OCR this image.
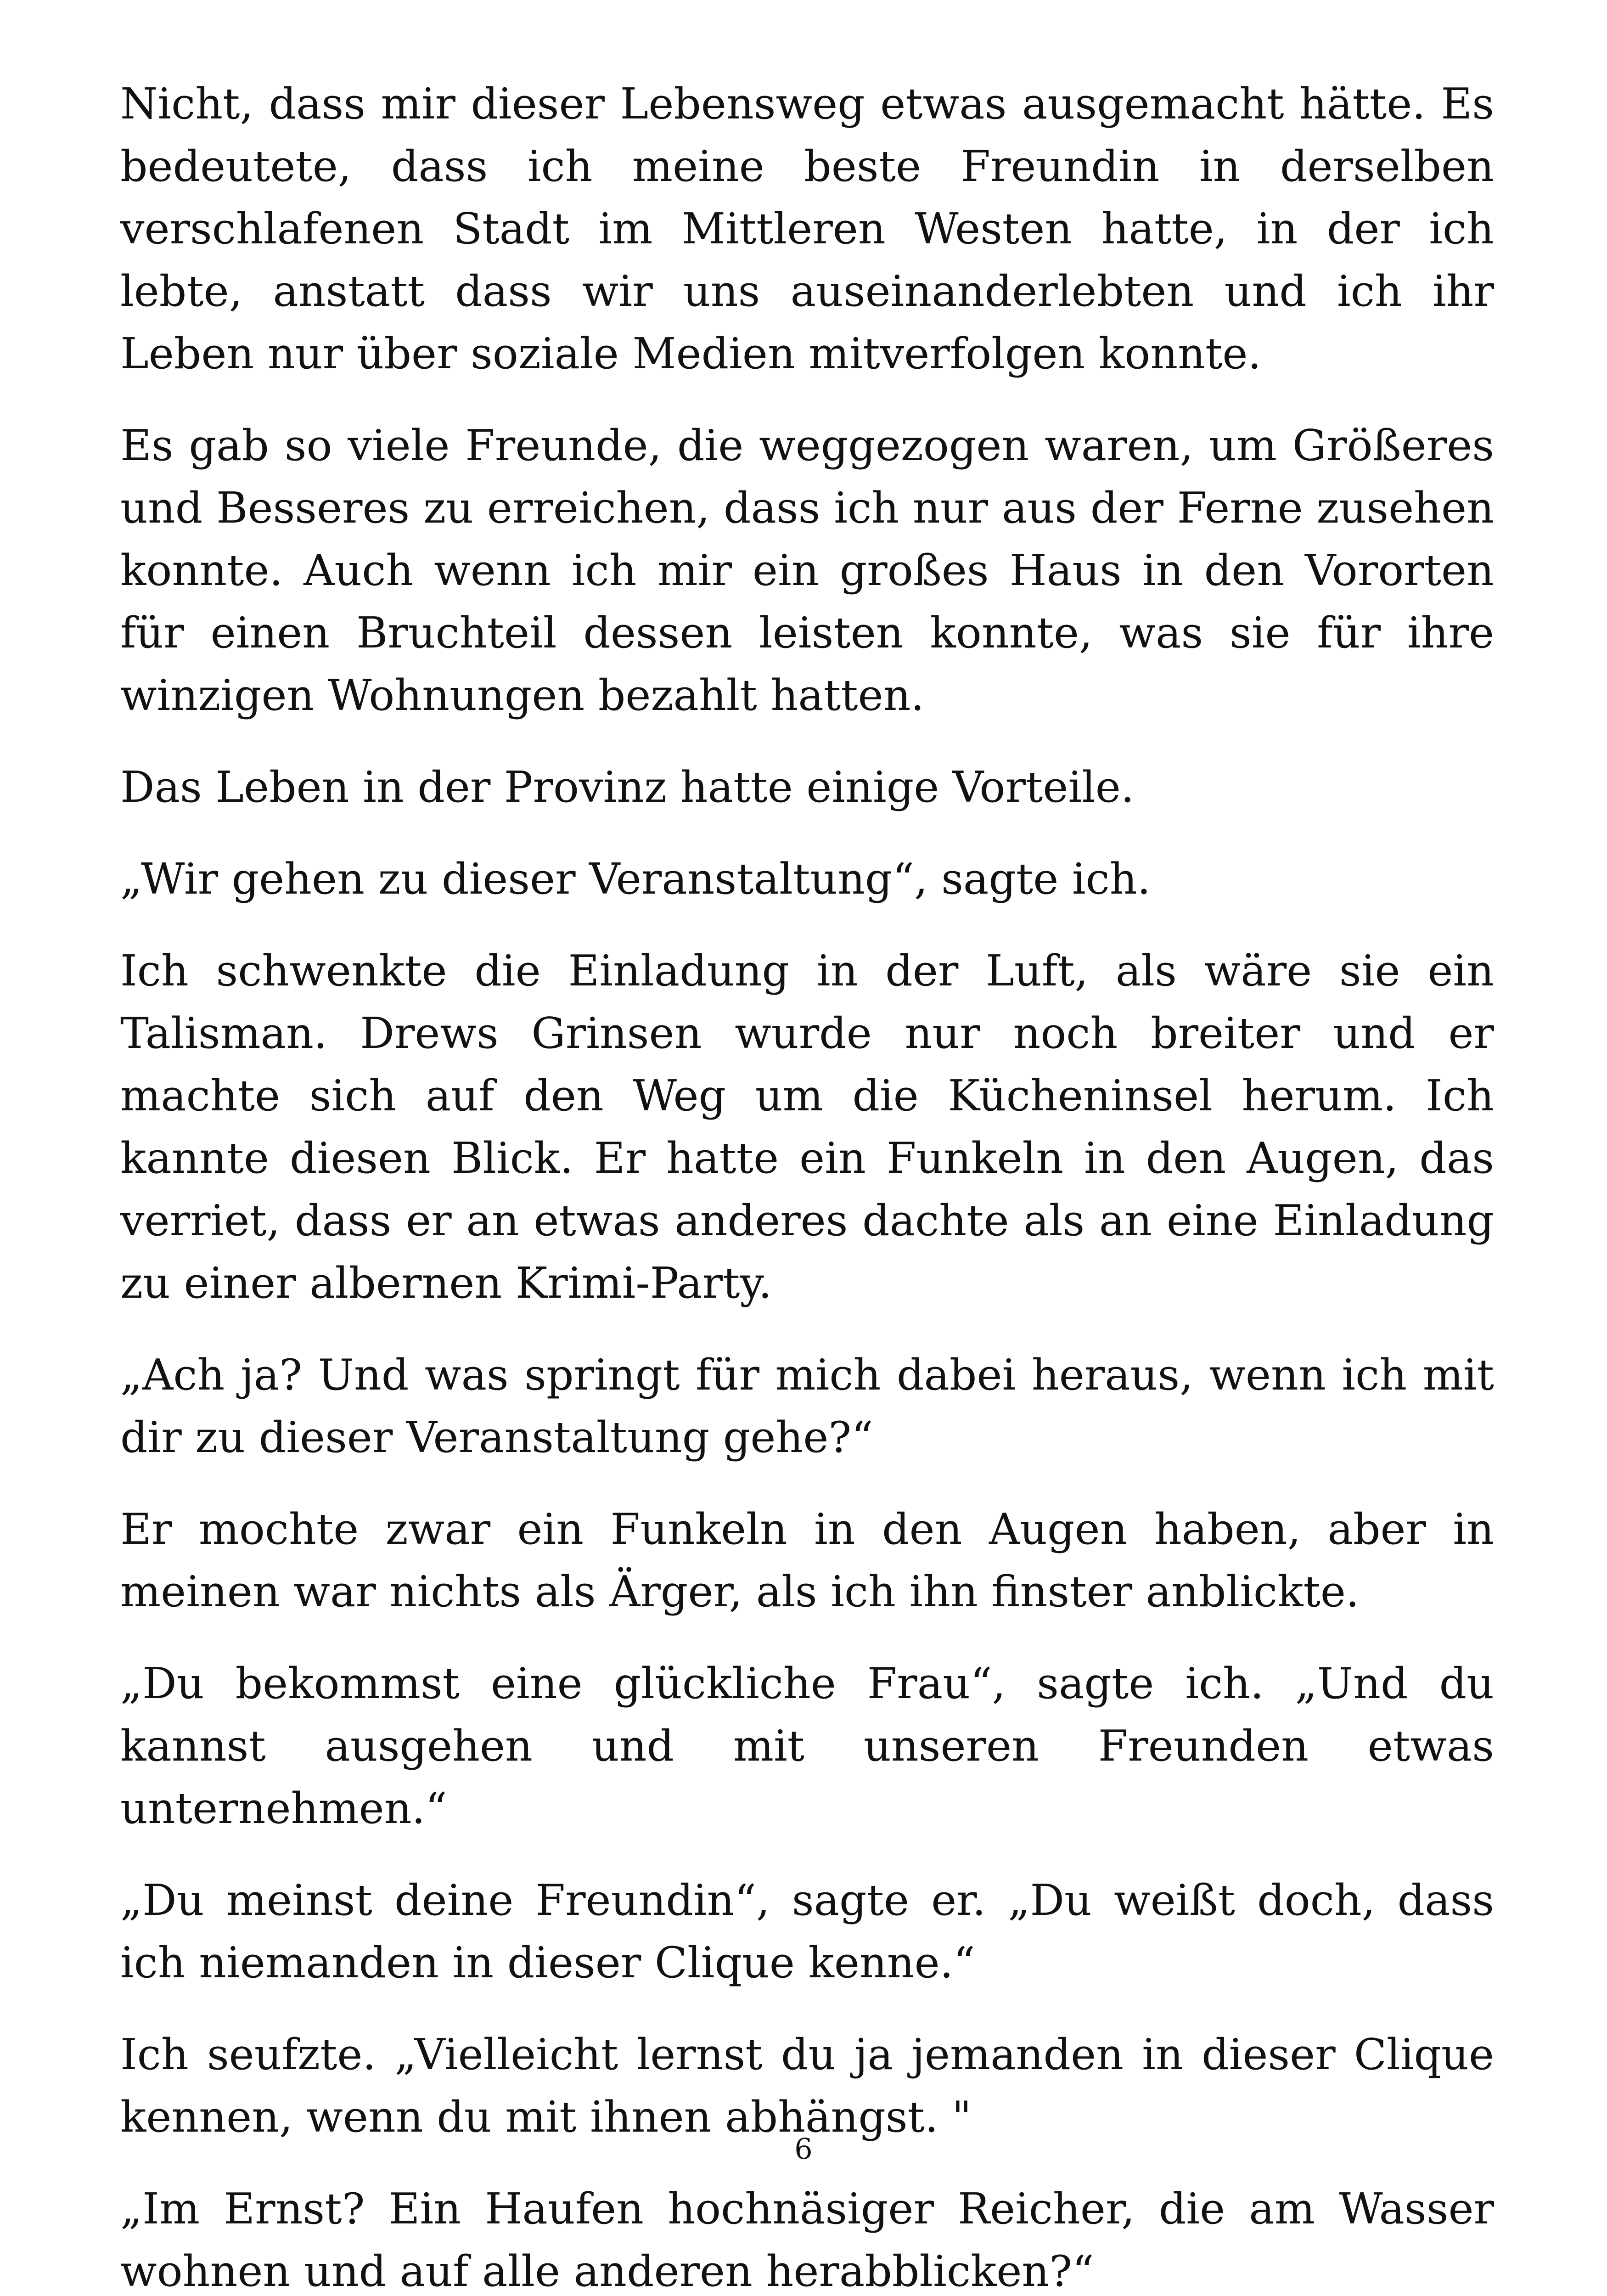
Nicht, dass mir dieser Lebensweg etwas ausgemacht hätte. Es bedeutete, dass ich meine beste Freundin in derselben verschlafenen Stadt im Mittleren Westen hatte, in der ich lebte, anstatt dass wir uns auseinanderlebten und ich ihr Leben nur über soziale Medien mitverfolgen konnte.

Es gab so viele Freunde, die weggezogen waren, um Größeres und Besseres zu erreichen, dass ich nur aus der Ferne zusehen konnte. Auch wenn ich mir ein großes Haus in den Vororten für einen Bruchteil dessen leisten konnte, was sie für ihre winzigen Wohnungen bezahlt hatten.

Das Leben in der Provinz hatte einige Vorteile.

„Wir gehen zu dieser Veranstaltung“, sagte ich.

Ich schwenkte die Einladung in der Luft, als wäre sie ein Talisman. Drews Grinsen wurde nur noch breiter und er machte sich auf den Weg um die Kücheninsel herum. Ich kannte diesen Blick. Er hatte ein Funkeln in den Augen, das verriet, dass er an etwas anderes dachte als an eine Einladung zu einer albernen Krimi-Party.

„Ach ja? Und was springt für mich dabei heraus, wenn ich mit dir zu dieser Veranstaltung gehe?“

Er mochte zwar ein Funkeln in den Augen haben, aber in meinen war nichts als Ärger, als ich ihn finster anblickte.

„Du bekommst eine glückliche Frau“, sagte ich. „Und du kannst ausgehen und mit unseren Freunden etwas unternehmen.“

„Du meinst deine Freundin“, sagte er. „Du weißt doch, dass ich niemanden in dieser Clique kenne.“

Ich seufzte. „Vielleicht lernst du ja jemanden in dieser Clique kennen, wenn du mit ihnen abhängst. "

„Im Ernst? Ein Haufen hochnäsiger Reicher, die am Wasser wohnen und auf alle anderen herabblicken?“

6
